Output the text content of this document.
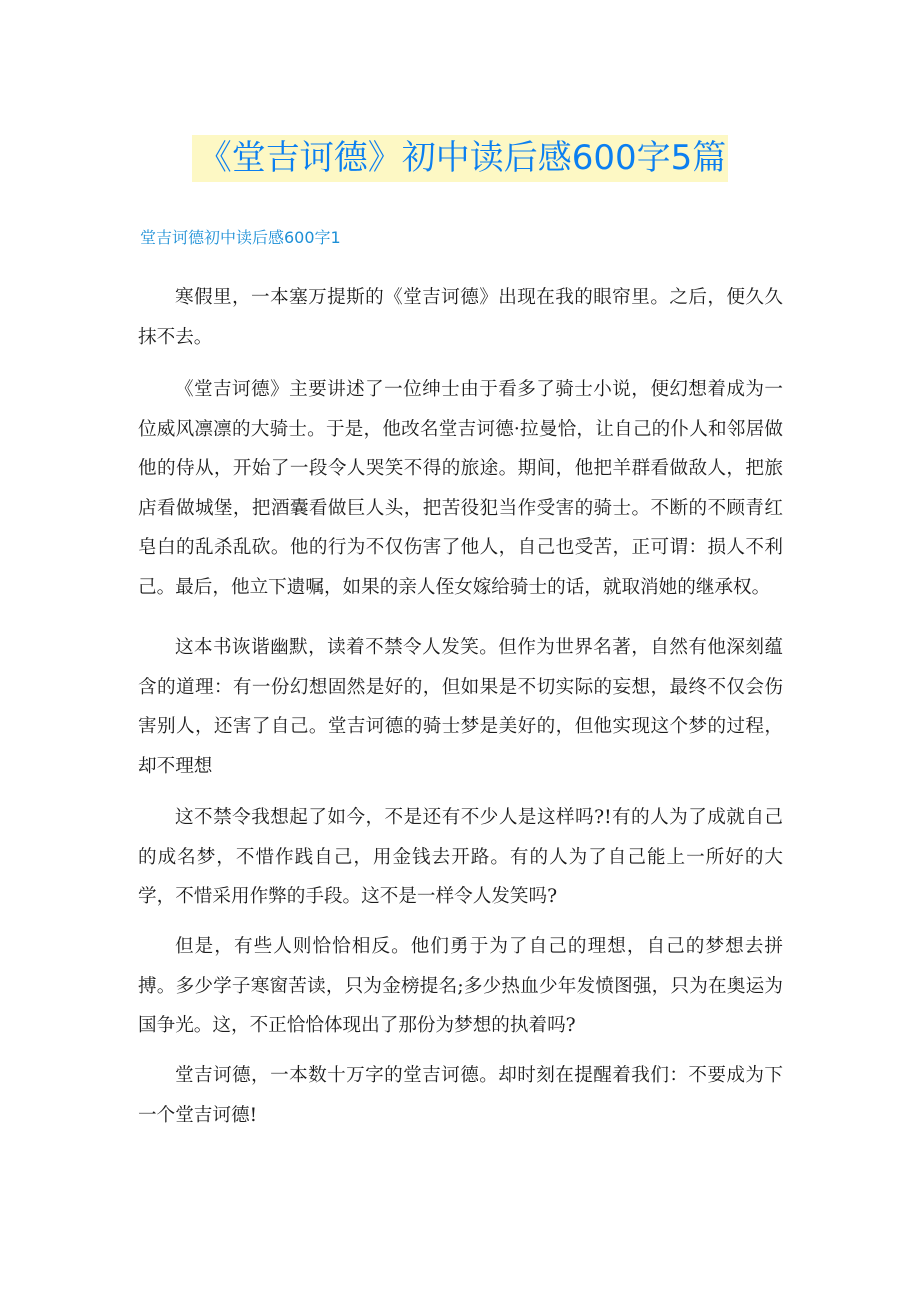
《堂吉诃德》初中读后感600字5篇
堂吉诃德初中读后感600字1

寒假里，一本塞万提斯的《堂吉诃德》出现在我的眼帘里。之后，便久久抹不去。

《堂吉诃德》主要讲述了一位绅士由于看多了骑士小说，便幻想着成为一位威风凛凛的大骑士。于是，他改名堂吉诃德·拉曼恰，让自己的仆人和邻居做他的侍从，开始了一段令人哭笑不得的旅途。期间，他把羊群看做敌人，把旅店看做城堡，把酒囊看做巨人头，把苦役犯当作受害的骑士。不断的不顾青红皂白的乱杀乱砍。他的行为不仅伤害了他人，自己也受苦，正可谓：损人不利己。最后，他立下遗嘱，如果的亲人侄女嫁给骑士的话，就取消她的继承权。

这本书诙谐幽默，读着不禁令人发笑。但作为世界名著，自然有他深刻蕴含的道理：有一份幻想固然是好的，但如果是不切实际的妄想，最终不仅会伤害别人，还害了自己。堂吉诃德的骑士梦是美好的，但他实现这个梦的过程，却不理想

这不禁令我想起了如今，不是还有不少人是这样吗?!有的人为了成就自己的成名梦，不惜作践自己，用金钱去开路。有的人为了自己能上一所好的大学，不惜采用作弊的手段。这不是一样令人发笑吗?

但是，有些人则恰恰相反。他们勇于为了自己的理想，自己的梦想去拼搏。多少学子寒窗苦读，只为金榜提名;多少热血少年发愤图强，只为在奥运为国争光。这，不正恰恰体现出了那份为梦想的执着吗?

堂吉诃德，一本数十万字的堂吉诃德。却时刻在提醒着我们：不要成为下一个堂吉诃德!
